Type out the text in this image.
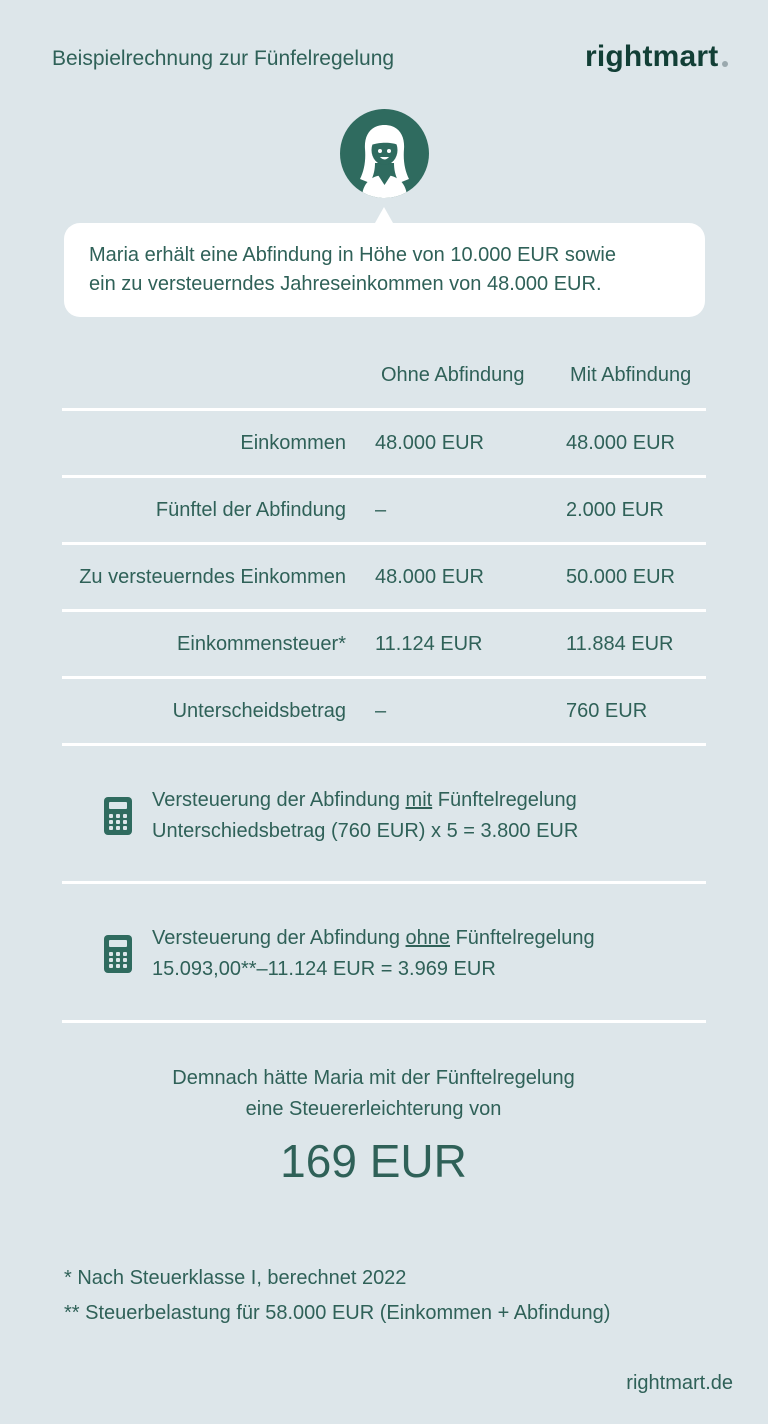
Beispielrechnung zur Fünfelregelung	rightmart

Maria erhält eine Abfindung in Höhe von 10.000 EUR sowie

ein zu versteuerndes Jahreseinkommen von 48.000 EUR.

Ohne Abfindung Mit Abfindung
Einkommen 48.000 EUR	48.000 EUR
Fünftel der Abfindung –	2.000 EUR
Zu versteuerndes Einkommen 48.000 EUR	50.000 EUR
Einkommensteuer* 11.124 EUR	11.884 EUR
Unterscheidsbetrag –	760 EUR
Versteuerung der Abfindung mit Fünftelregelung
Unterschiedsbetrag (760 EUR) x 5 = 3.800 EUR
Versteuerung der Abfindung ohne Fünftelregelung
15.093,00**–11.124 EUR = 3.969 EUR
Demnach hätte Maria mit der Fünftelregelung
eine Steuererleichterung von
169 EUR
* Nach Steuerklasse I, berechnet 2022
** Steuerbelastung für 58.000 EUR (Einkommen + Abfindung)
rightmart.de
